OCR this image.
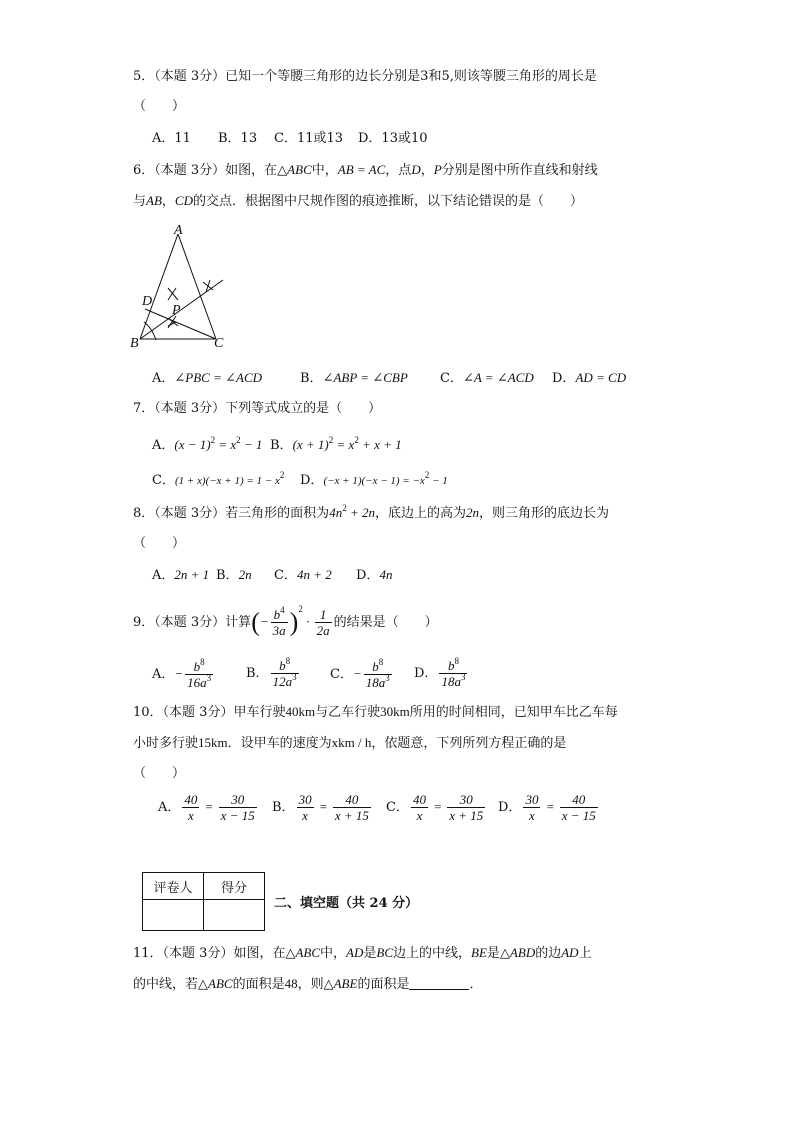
5．（本题 3分）已知一个等腰三角形的边长分别是3和5,则该等腰三角形的周长是
（　　）
A．11 B．13 C．11或13 D．13或10
6．（本题 3分）如图，在△ABC中，AB = AC，点D，P分别是图中所作直线和射线
与AB，CD的交点．根据图中尺规作图的痕迹推断，以下结论错误的是（　　）
A
B	C
D
P
A．∠PBC = ∠ACD	B．∠ABP = ∠CBP C．∠A = ∠ACD D．AD = CD
7．（本题 3分）下列等式成立的是（　　）
A．$(x - 1)^2 = x^2 - 1$ B．$(x + 1)^2 = x^2 + x + 1$
C．$(1 + x)(-x + 1) = 1 - x^2$ D．$(-x + 1)(-x - 1) = -x^2 - 1$
8．（本题 3分）若三角形的面积为$4n^2 + 2n$，底边上的高为2n，则三角形的底边长为
（　　）
A．2n + 1 B．2n C．4n + 2 D．4n
9．（本题 3分）计算(− $\frac{b^4}{3a} )^2 \cdot \frac{1}{2a}$ 的结果是（　　）
A．− $\frac{b^8}{16a^3}$	B． $\frac{b^8}{12a^3}$ C．− $\frac{b^8}{18a^3}$ D． $\frac{b^8}{18a^3}$
10．（本题 3分）甲车行驶40km与乙车行驶30km所用的时间相同，已知甲车比乙车每
小时多行驶15km．设甲车的速度为xkm / h，依题意，下列所列方程正确的是
（　　）
A． $\frac{40}{x} = \frac{30}{x - 15}$ B． $\frac{30}{x} = \frac{40}{x + 15}$ C． $\frac{40}{x} = \frac{30}{x + 15}$ D． $\frac{30}{x} = \frac{40}{x - 15}$
评卷人	得分

二、填空题（共 24 分）
11．（本题 3分）如图，在△ABC中，AD是BC边上的中线，BE是△ABD的边AD上
的中线，若△ABC的面积是48，则△ABE的面积是	．
